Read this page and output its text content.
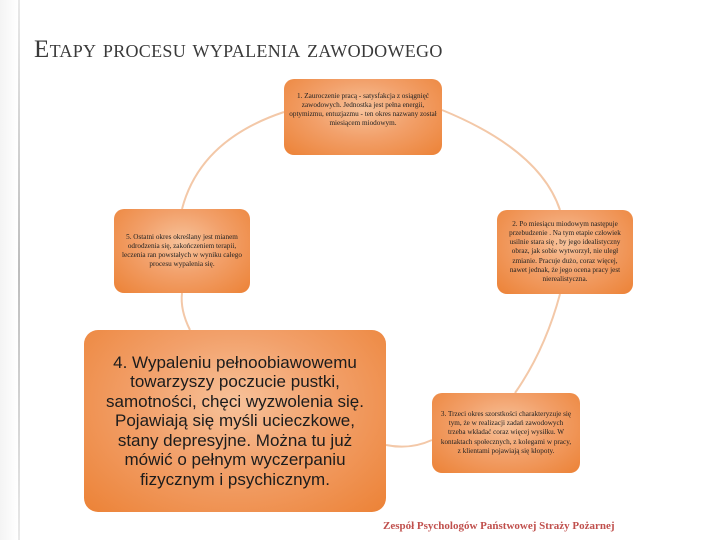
Etapy procesu wypalenia zawodowego
1. Zauroczenie pracą - satysfakcja z osiągnięć zawodowych. Jednostka jest pełna energii, optymizmu, entuzjazmu - ten okres nazwany został miesiącem miodowym.
2. Po miesiącu miodowym następuje przebudzenie . Na tym etapie człowiek usilnie stara się , by jego idealistyczny obraz, jak sobie wytworzył, nie uległ zmianie. Pracuje dużo, coraz więcej, nawet jednak, że jego ocena pracy jest nierealistyczna.
3. Trzeci okres szorstkości charakteryzuje się tym, że w realizacji zadań zawodowych trzeba wkładać coraz więcej wysiłku. W kontaktach społecznych, z kolegami w pracy, z klientami pojawiają się kłopoty.
4. Wypaleniu pełnoobiawowemu towarzyszy poczucie pustki, samotności, chęci wyzwolenia się. Pojawiają się myśli ucieczkowe, stany depresyjne. Można tu już mówić o pełnym wyczerpaniu fizycznym i psychicznym.
5. Ostatni okres określany jest mianem odrodzenia się, zakończeniem terapii, leczenia ran powstałych w wyniku całego procesu wypalenia się.
Zespół Psychologów Państwowej Straży Pożarnej
